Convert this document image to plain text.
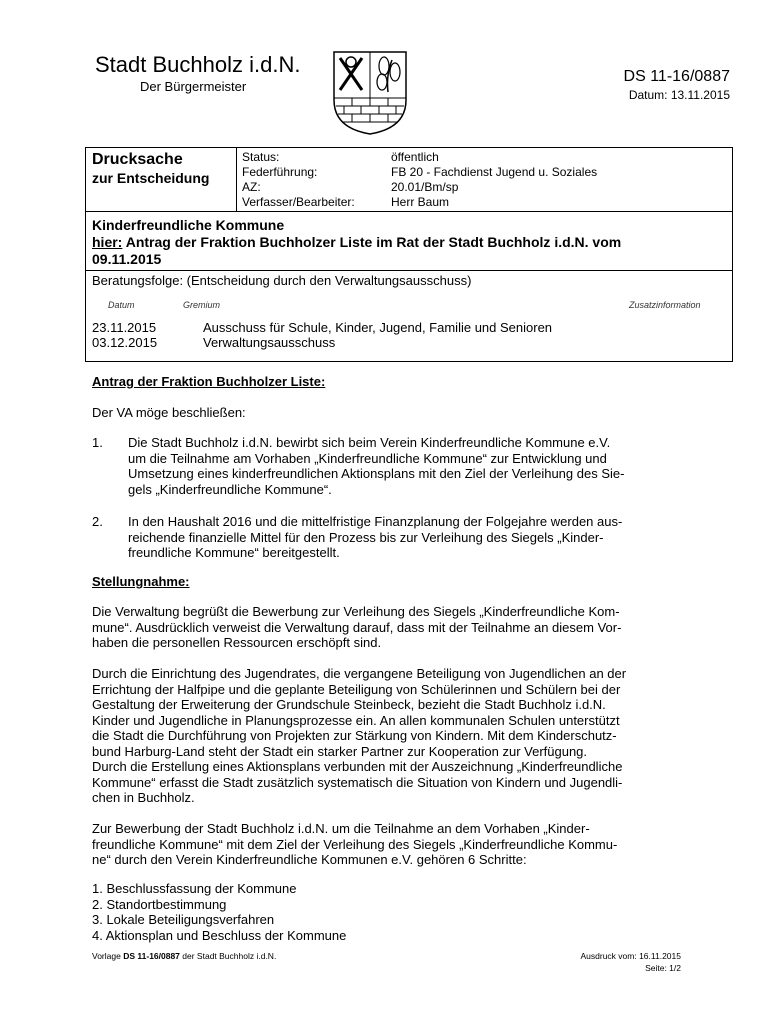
Stadt Buchholz i.d.N.
Der Bürgermeister
DS 11-16/0887
Datum: 13.11.2015
Drucksache
zur Entscheidung
Status:	öffentlich
Federführung:	FB 20 - Fachdienst Jugend u. Soziales
AZ:	20.01/Bm/sp
Verfasser/Bearbeiter:	Herr Baum
Kinderfreundliche Kommune
hier: Antrag der Fraktion Buchholzer Liste im Rat der Stadt Buchholz i.d.N. vom
09.11.2015
Beratungsfolge: (Entscheidung durch den Verwaltungsausschuss)
Datum	Gremium	Zusatzinformation
23.11.2015	Ausschuss für Schule, Kinder, Jugend, Familie und Senioren
03.12.2015	Verwaltungsausschuss
Antrag der Fraktion Buchholzer Liste:
Der VA möge beschließen:
1. Die Stadt Buchholz i.d.N. bewirbt sich beim Verein Kinderfreundliche Kommune e.V.
um die Teilnahme am Vorhaben „Kinderfreundliche Kommune“ zur Entwicklung und
Umsetzung eines kinderfreundlichen Aktionsplans mit den Ziel der Verleihung des Sie-
gels „Kinderfreundliche Kommune“.
2. In den Haushalt 2016 und die mittelfristige Finanzplanung der Folgejahre werden aus-
reichende finanzielle Mittel für den Prozess bis zur Verleihung des Siegels „Kinder-
freundliche Kommune“ bereitgestellt.
Stellungnahme:
Die Verwaltung begrüßt die Bewerbung zur Verleihung des Siegels „Kinderfreundliche Kom-
mune“. Ausdrücklich verweist die Verwaltung darauf, dass mit der Teilnahme an diesem Vor-
haben die personellen Ressourcen erschöpft sind.
Durch die Einrichtung des Jugendrates, die vergangene Beteiligung von Jugendlichen an der
Errichtung der Halfpipe und die geplante Beteiligung von Schülerinnen und Schülern bei der
Gestaltung der Erweiterung der Grundschule Steinbeck, bezieht die Stadt Buchholz i.d.N.
Kinder und Jugendliche in Planungsprozesse ein. An allen kommunalen Schulen unterstützt
die Stadt die Durchführung von Projekten zur Stärkung von Kindern. Mit dem Kinderschutz-
bund Harburg-Land steht der Stadt ein starker Partner zur Kooperation zur Verfügung.
Durch die Erstellung eines Aktionsplans verbunden mit der Auszeichnung „Kinderfreundliche
Kommune“ erfasst die Stadt zusätzlich systematisch die Situation von Kindern und Jugendli-
chen in Buchholz.
Zur Bewerbung der Stadt Buchholz i.d.N. um die Teilnahme an dem Vorhaben „Kinder-
freundliche Kommune“ mit dem Ziel der Verleihung des Siegels „Kinderfreundliche Kommu-
ne“ durch den Verein Kinderfreundliche Kommunen e.V. gehören 6 Schritte:
1. Beschlussfassung der Kommune
2. Standortbestimmung
3. Lokale Beteiligungsverfahren
4. Aktionsplan und Beschluss der Kommune
Vorlage DS 11-16/0887 der Stadt Buchholz i.d.N.	Ausdruck vom: 16.11.2015
Seite: 1/2
